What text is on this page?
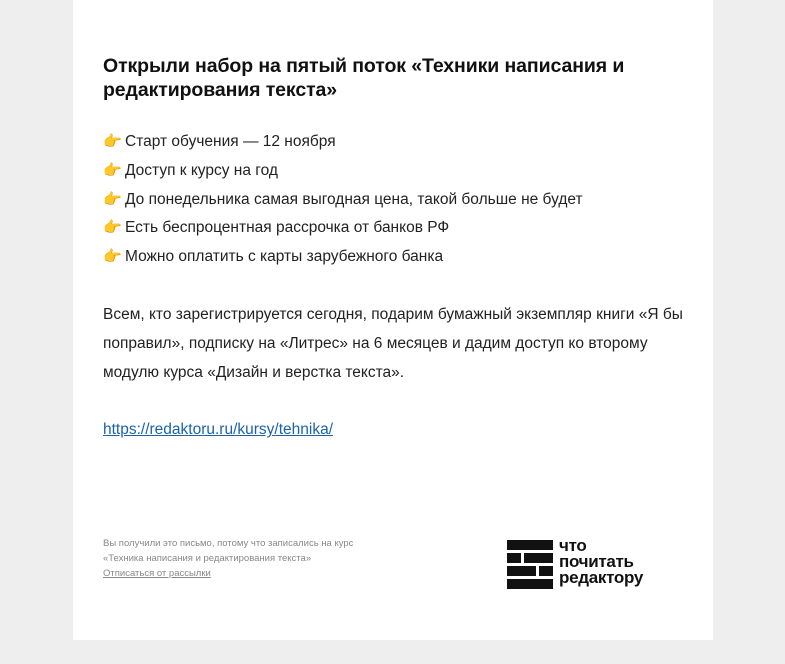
Открыли набор на пятый поток «Техники написания и редактирования текста»
👉 Старт обучения — 12 ноября
👉 Доступ к курсу на год
👉 До понедельника самая выгодная цена, такой больше не будет
👉 Есть беспроцентная рассрочка от банков РФ
👉 Можно оплатить с карты зарубежного банка

Всем, кто зарегистрируется сегодня, подарим бумажный экземпляр книги «Я бы поправил», подписку на «Литрес» на 6 месяцев и дадим доступ ко второму модулю курса «Дизайн и верстка текста».

https://redaktoru.ru/kursy/tehnika/
Вы получили это письмо, потому что записались на курс
«Техника написания и редактирования текста»
Отписаться от рассылки
что
почитать
редактору
